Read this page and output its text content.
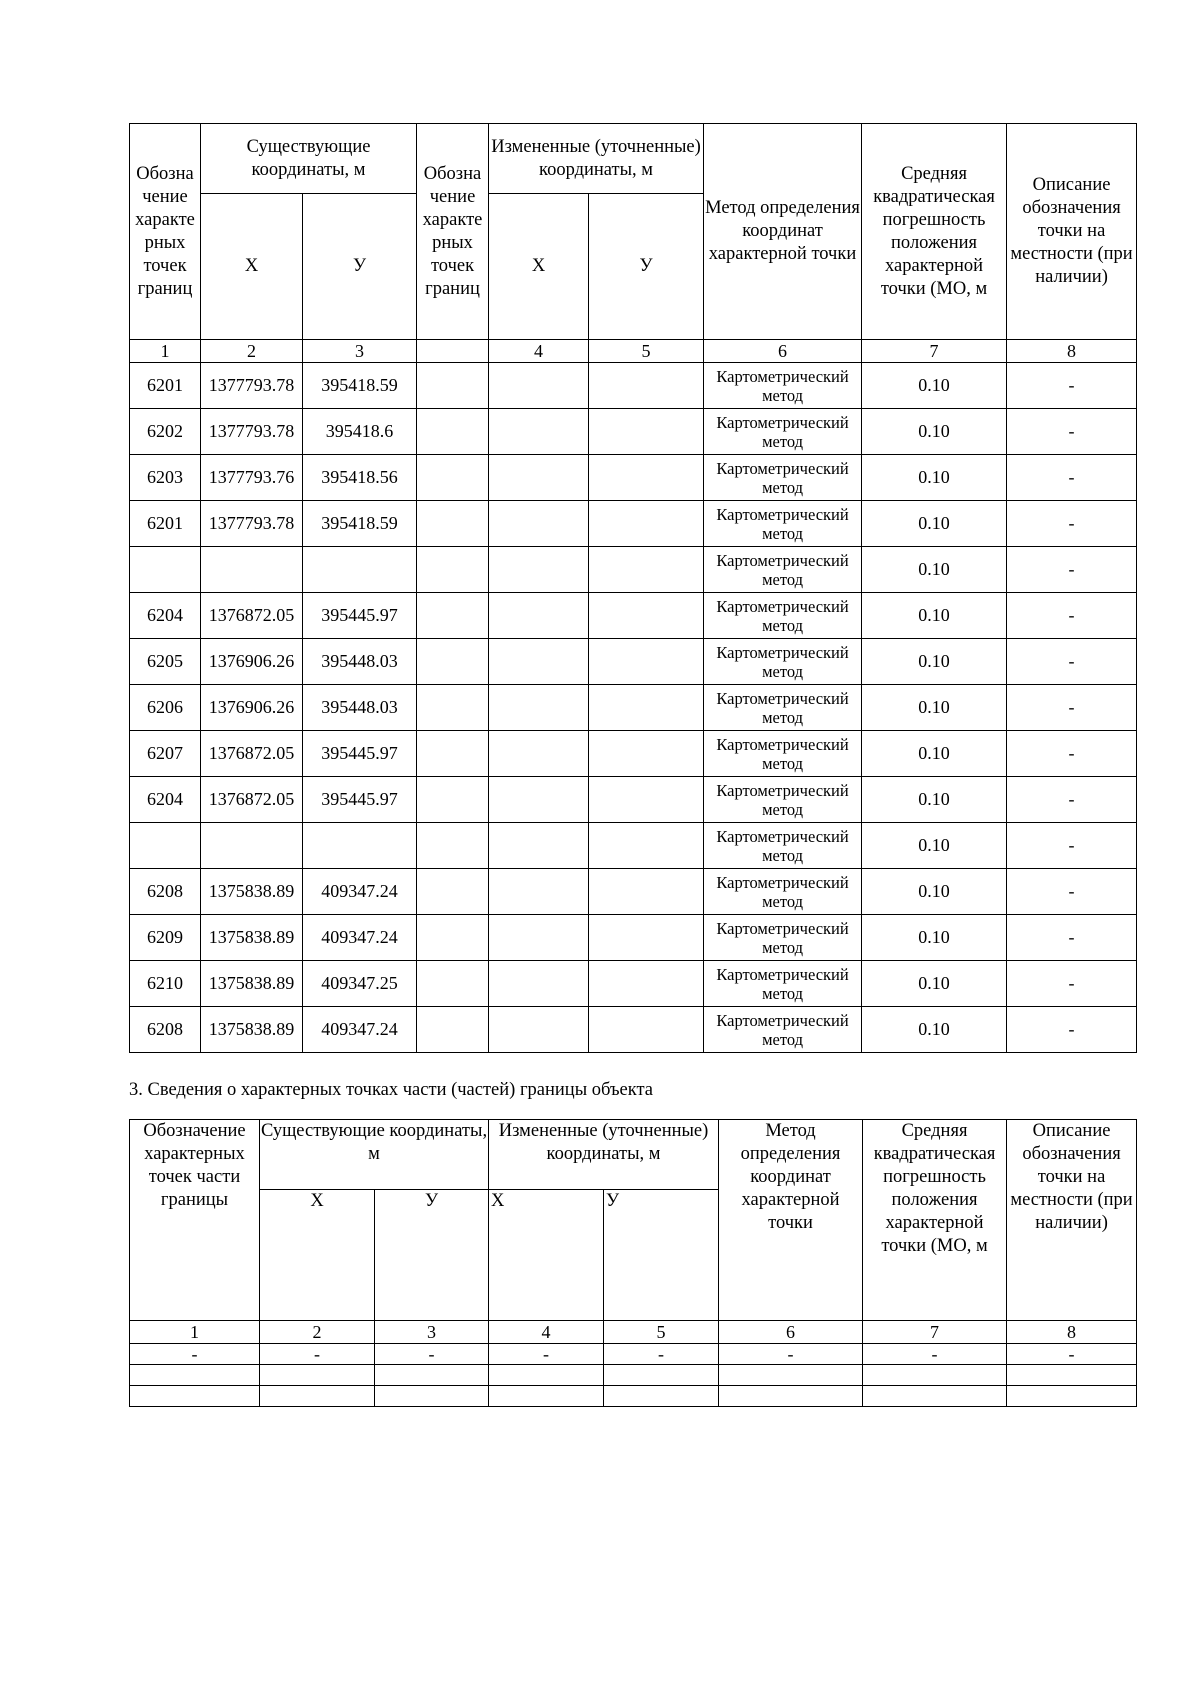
Обозна чение характе рных точек границ	Существующие координаты, м		Обозна чение характе рных точек границ	Измененные (уточненные) координаты, м		Метод определения координат характерной точки	Средняя квадратическая погрешность положения характерной точки (МО, м	Описание обозначения точки на местности (при наличии)
	Х	У		Х	У			
1	2	3		4	5	6	7	8
6201	1377793.78	395418.59				Картометрический метод	0.10	-
6202	1377793.78	395418.6				Картометрический метод	0.10	-
6203	1377793.76	395418.56				Картометрический метод	0.10	-
6201	1377793.78	395418.59				Картометрический метод	0.10	-
						Картометрический метод	0.10	-
6204	1376872.05	395445.97				Картометрический метод	0.10	-
6205	1376906.26	395448.03				Картометрический метод	0.10	-
6206	1376906.26	395448.03				Картометрический метод	0.10	-
6207	1376872.05	395445.97				Картометрический метод	0.10	-
6204	1376872.05	395445.97				Картометрический метод	0.10	-
						Картометрический метод	0.10	-
6208	1375838.89	409347.24				Картометрический метод	0.10	-
6209	1375838.89	409347.24				Картометрический метод	0.10	-
6210	1375838.89	409347.25				Картометрический метод	0.10	-
6208	1375838.89	409347.24				Картометрический метод	0.10	-
3. Сведения о характерных точках части (частей) границы объекта
Обозначение характерных точек части границы	Существующие координаты, м		Измененные (уточненные) координаты, м		Метод определения координат характерной точки	Средняя квадратическая погрешность положения характерной точки (МО, м	Описание обозначения точки на местности (при наличии)
	Х	У	Х	У			
1	2	3	4	5	6	7	8
-	-	-	-	-	-	-	-
